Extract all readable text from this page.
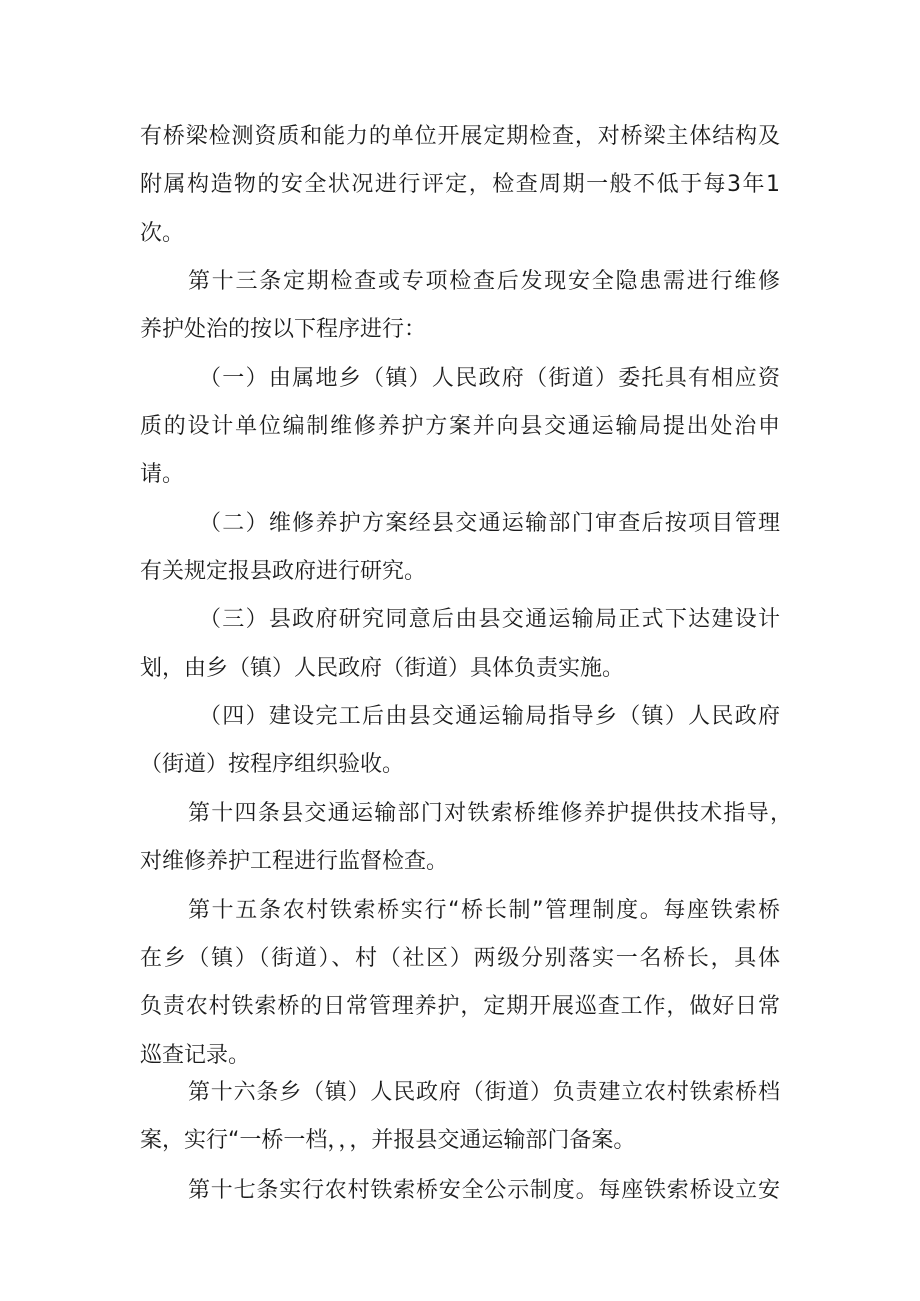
有桥梁检测资质和能力的单位开展定期检查，对桥梁主体结构及

附属构造物的安全状况进行评定，检查周期一般不低于每3年1

次。

第十三条定期检查或专项检查后发现安全隐患需进行维修

养护处治的按以下程序进行：

（一）由属地乡（镇）人民政府（街道）委托具有相应资

质的设计单位编制维修养护方案并向县交通运输局提出处治申

请。

（二）维修养护方案经县交通运输部门审查后按项目管理

有关规定报县政府进行研究。

（三）县政府研究同意后由县交通运输局正式下达建设计

划，由乡（镇）人民政府（街道）具体负责实施。

（四）建设完工后由县交通运输局指导乡（镇）人民政府

（街道）按程序组织验收。

第十四条县交通运输部门对铁索桥维修养护提供技术指导，

对维修养护工程进行监督检查。

第十五条农村铁索桥实行“桥长制”管理制度。每座铁索桥

在乡（镇）（街道）、村（社区）两级分别落实一名桥长，具体

负责农村铁索桥的日常管理养护，定期开展巡查工作，做好日常

巡查记录。

第十六条乡（镇）人民政府（街道）负责建立农村铁索桥档

案，实行“一桥一档，，，并报县交通运输部门备案。

第十七条实行农村铁索桥安全公示制度。每座铁索桥设立安
